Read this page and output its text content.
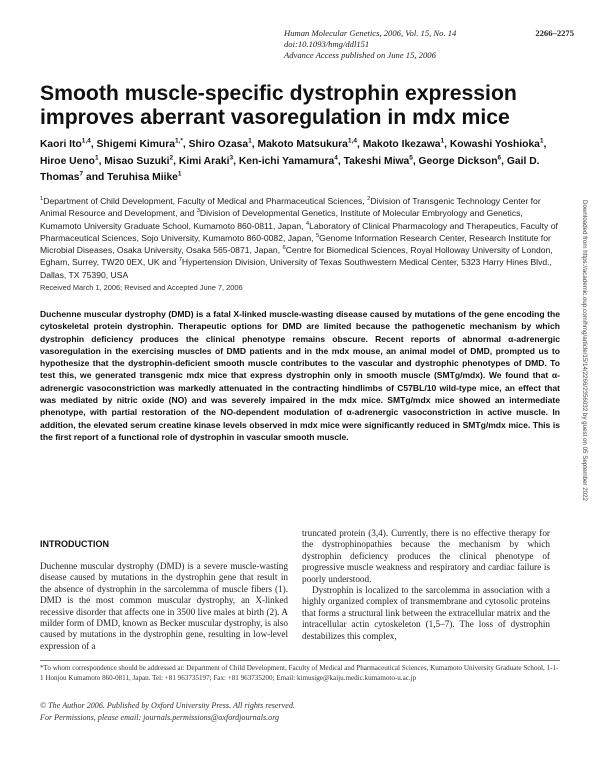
Human Molecular Genetics, 2006, Vol. 15, No. 14
doi:10.1093/hmg/ddl151
Advance Access published on June 15, 2006
2266–2275
Smooth muscle-specific dystrophin expression improves aberrant vasoregulation in mdx mice
Kaori Ito$^{1,4}$, Shigemi Kimura$^{1,*}$, Shiro Ozasa$^1$, Makoto Matsukura$^{1,4}$, Makoto Ikezawa$^1$, Kowashi Yoshioka$^1$, Hiroe Ueno$^1$, Misao Suzuki$^2$, Kimi Araki$^3$, Ken-ichi Yamamura$^4$, Takeshi Miwa$^5$, George Dickson$^6$, Gail D. Thomas$^7$ and Teruhisa Miike$^1$
$^1$Department of Child Development, Faculty of Medical and Pharmaceutical Sciences, $^2$Division of Transgenic Technology Center for Animal Resource and Development, and $^3$Division of Developmental Genetics, Institute of Molecular Embryology and Genetics, Kumamoto University Graduate School, Kumamoto 860-0811, Japan, $^4$Laboratory of Clinical Pharmacology and Therapeutics, Faculty of Pharmaceutical Sciences, Sojo University, Kumamoto 860-0082, Japan, $^5$Genome Information Research Center, Research Institute for Microbial Diseases, Osaka University, Osaka 565-0871, Japan, $^6$Centre for Biomedical Sciences, Royal Holloway University of London, Egham, Surrey, TW20 0EX, UK and $^7$Hypertension Division, University of Texas Southwestern Medical Center, 5323 Harry Hines Blvd., Dallas, TX 75390, USA
Received March 1, 2006; Revised and Accepted June 7, 2006
Duchenne muscular dystrophy (DMD) is a fatal X-linked muscle-wasting disease caused by mutations of the gene encoding the cytoskeletal protein dystrophin. Therapeutic options for DMD are limited because the pathogenetic mechanism by which dystrophin deficiency produces the clinical phenotype remains obscure. Recent reports of abnormal α-adrenergic vasoregulation in the exercising muscles of DMD patients and in the mdx mouse, an animal model of DMD, prompted us to hypothesize that the dystrophin-deficient smooth muscle contributes to the vascular and dystrophic phenotypes of DMD. To test this, we generated transgenic mdx mice that express dystrophin only in smooth muscle (SMTg/mdx). We found that α-adrenergic vasoconstriction was markedly attenuated in the contracting hindlimbs of C57BL/10 wild-type mice, an effect that was mediated by nitric oxide (NO) and was severely impaired in the mdx mice. SMTg/mdx mice showed an intermediate phenotype, with partial restoration of the NO-dependent modulation of α-adrenergic vasoconstriction in active muscle. In addition, the elevated serum creatine kinase levels observed in mdx mice were significantly reduced in SMTg/mdx mice. This is the first report of a functional role of dystrophin in vascular smooth muscle.
INTRODUCTION

Duchenne muscular dystrophy (DMD) is a severe muscle-wasting disease caused by mutations in the dystrophin gene that result in the absence of dystrophin in the sarcolemma of muscle fibers (1). DMD is the most common muscular dystrophy, an X-linked recessive disorder that affects one in 3500 live males at birth (2). A milder form of DMD, known as Becker muscular dystrophy, is also caused by mutations in the dystrophin gene, resulting in low-level expression of a

truncated protein (3,4). Currently, there is no effective therapy for the dystrophinopathies because the mechanism by which dystrophin deficiency produces the clinical phenotype of progressive muscle weakness and respiratory and cardiac failure is poorly understood.

Dystrophin is localized to the sarcolemma in association with a highly organized complex of transmembrane and cytosolic proteins that forms a structural link between the extracellular matrix and the intracellular actin cytoskeleton (1,5–7). The loss of dystrophin destabilizes this complex,

*To whom correspondence should be addressed at: Department of Child Development, Faculty of Medical and Pharmaceutical Sciences, Kumamoto University Graduate School, 1-1-1 Honjou Kumamoto 860-0811, Japan. Tel: +81 963735197; Fax: +81 963735200; Email: kimusige@kaiju.medic.kumamoto-u.ac.jp
© The Author 2006. Published by Oxford University Press. All rights reserved.
For Permissions, please email: journals.permissions@oxfordjournals.org
Downloaded from https://academic.oup.com/hmg/article/15/14/2266/2356032 by guest on 05 September 2022
